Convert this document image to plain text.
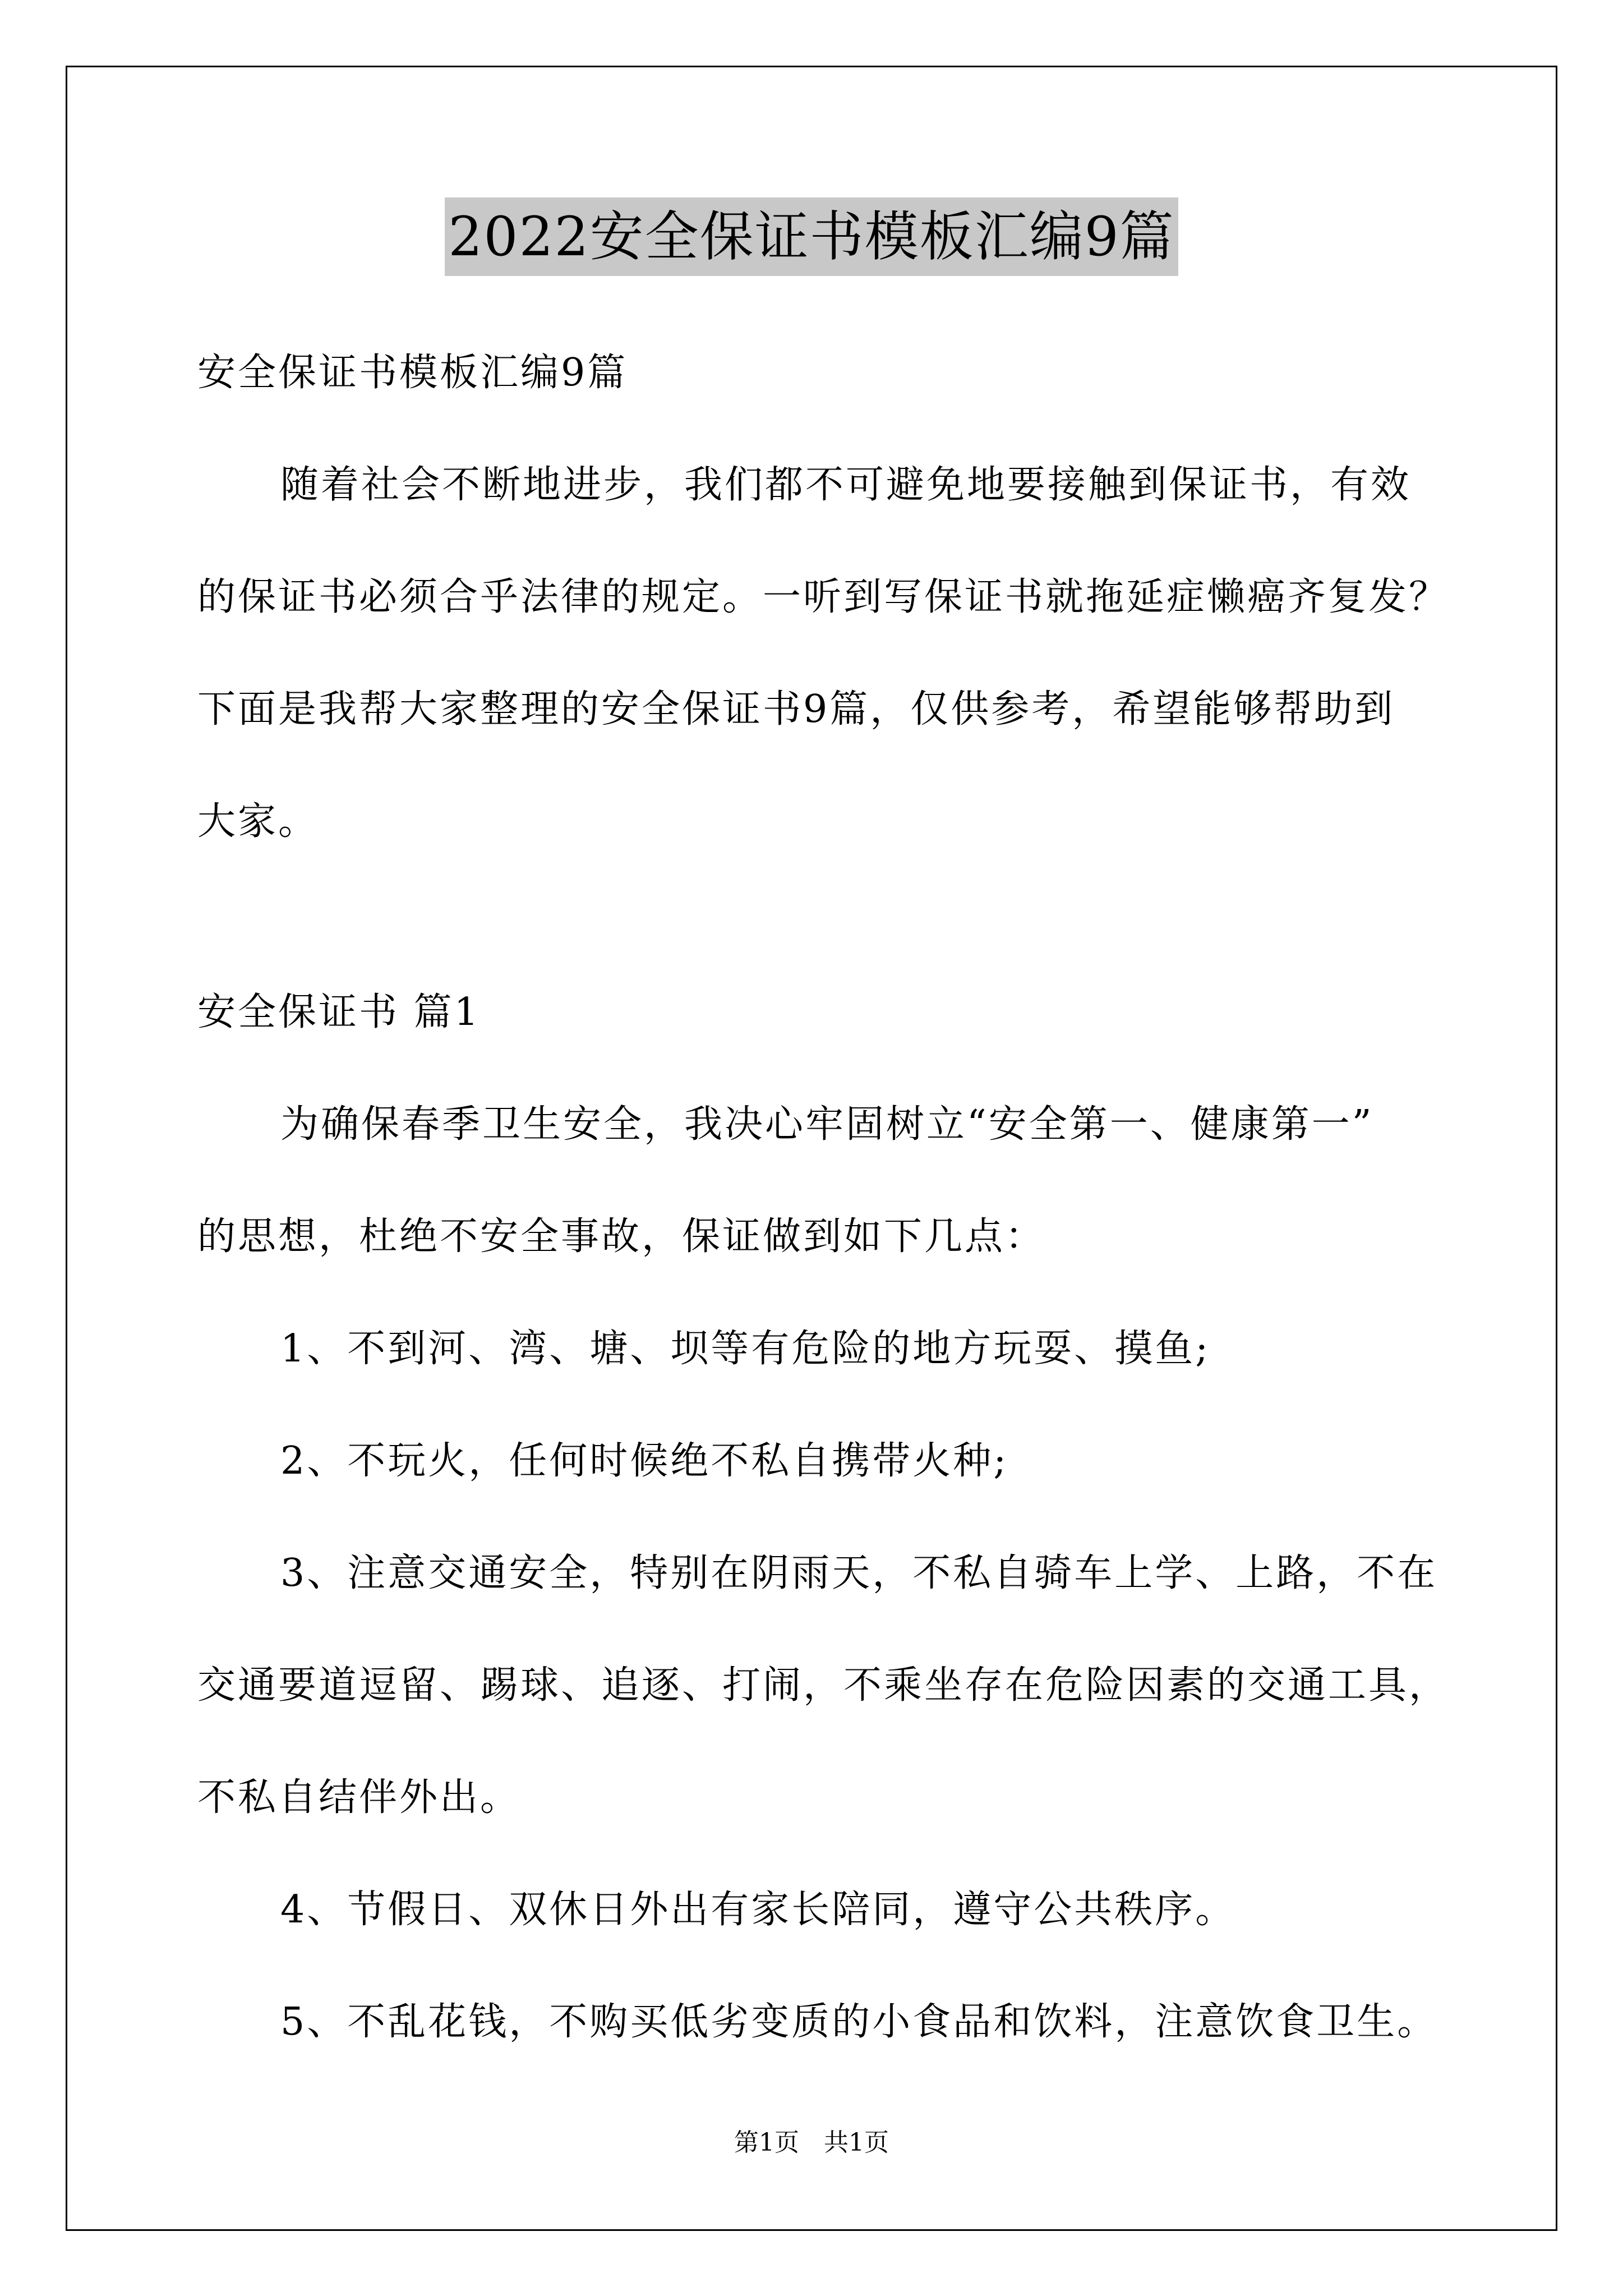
2022安全保证书模板汇编9篇
安全保证书模板汇编9篇
随着社会不断地进步，我们都不可避免地要接触到保证书，有效
的保证书必须合乎法律的规定。一听到写保证书就拖延症懒癌齐复发？
下面是我帮大家整理的安全保证书9篇，仅供参考，希望能够帮助到
大家。
安全保证书 篇1
为确保春季卫生安全，我决心牢固树立“安全第一、健康第一”
的思想，杜绝不安全事故，保证做到如下几点：
1、不到河、湾、塘、坝等有危险的地方玩耍、摸鱼;
2、不玩火，任何时候绝不私自携带火种;
3、注意交通安全，特别在阴雨天，不私自骑车上学、上路，不在
交通要道逗留、踢球、追逐、打闹，不乘坐存在危险因素的交通工具，
不私自结伴外出。
4、节假日、双休日外出有家长陪同，遵守公共秩序。
5、不乱花钱，不购买低劣变质的小食品和饮料，注意饮食卫生。
第1页　共1页
